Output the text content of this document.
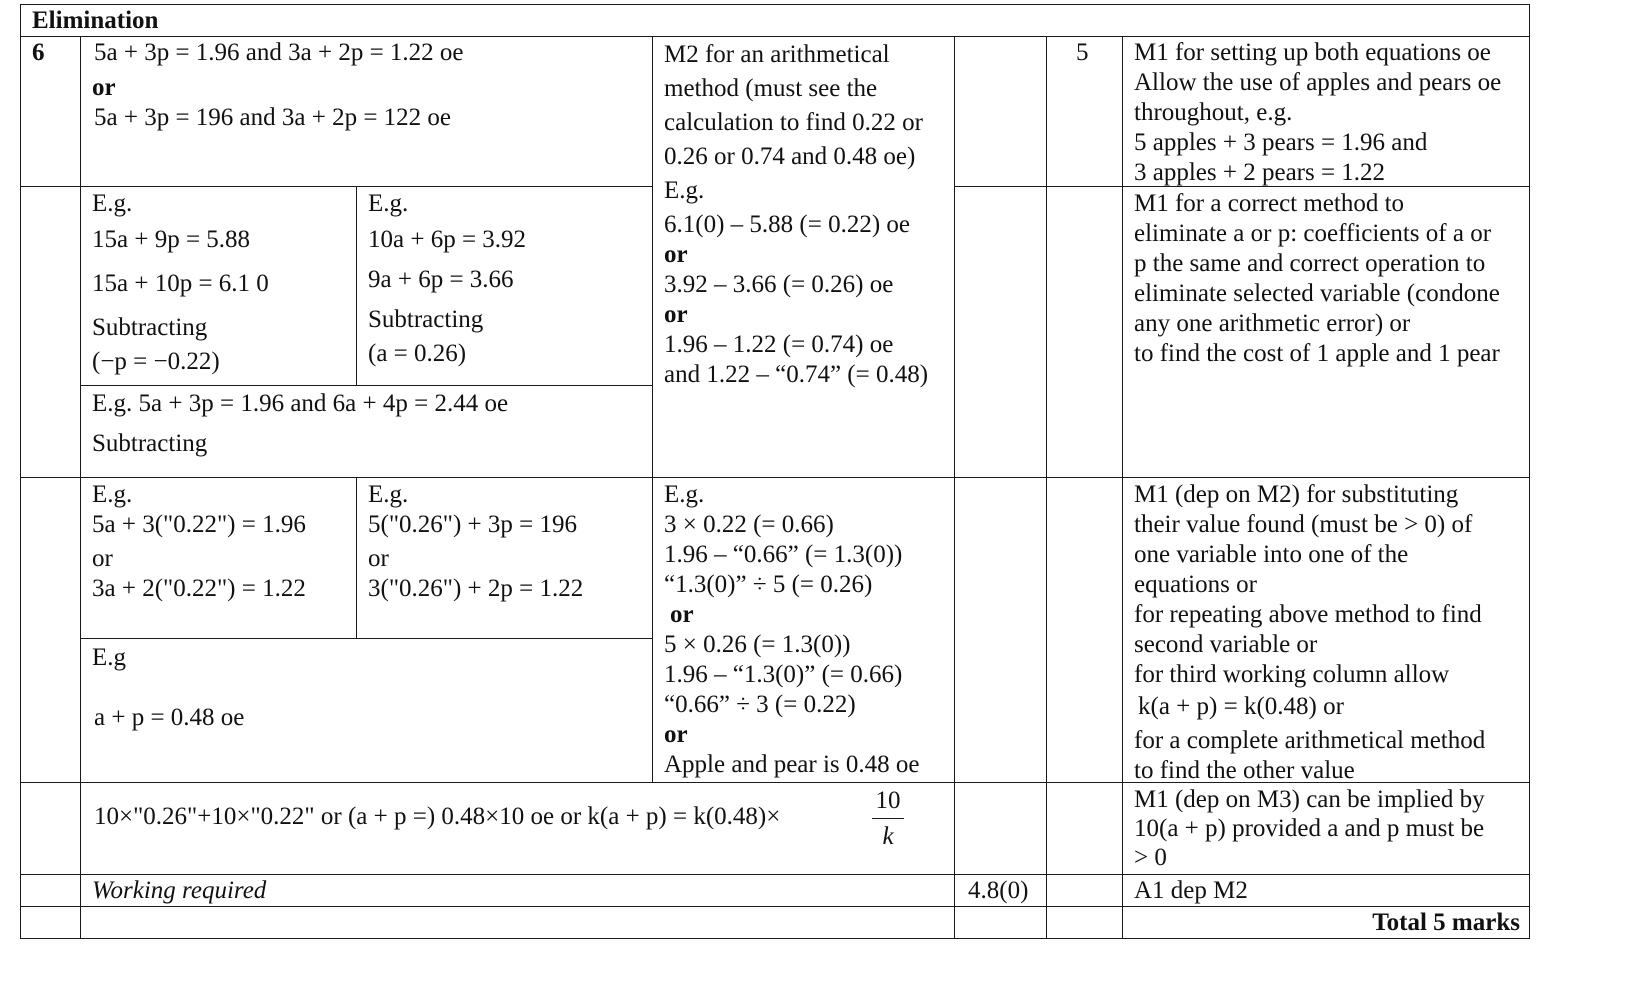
Elimination
6 5a + 3p = 1.96 and 3a + 2p = 1.22 oe
or
5a + 3p = 196 and 3a + 2p = 122 oe
5
M2 for an arithmetical
method (must see the
calculation to find 0.22 or
0.26 or 0.74 and 0.48 oe)
E.g.
6.1(0) – 5.88 (= 0.22) oe
or
3.92 – 3.66 (= 0.26) oe
or
1.96 – 1.22 (= 0.74) oe
and 1.22 – “0.74” (= 0.48)
M1 for setting up both equations oe
Allow the use of apples and pears oe
throughout, e.g.
5 apples + 3 pears = 1.96 and
3 apples + 2 pears = 1.22
E.g.
15a + 9p = 5.88
15a + 10p = 6.1 0
Subtracting
(−p = −0.22)
E.g.
10a + 6p = 3.92
9a + 6p = 3.66
Subtracting
(a = 0.26)
E.g. 5a + 3p = 1.96 and 6a + 4p = 2.44 oe
Subtracting
M1 for a correct method to
eliminate a or p: coefficients of a or
p the same and correct operation to
eliminate selected variable (condone
any one arithmetic error) or
to find the cost of 1 apple and 1 pear
E.g.
5a + 3("0.22") = 1.96
or
3a + 2("0.22") = 1.22
E.g.
5("0.26") + 3p = 196
or
3("0.26") + 2p = 1.22
E.g
a + p = 0.48 oe
E.g.
3 × 0.22 (= 0.66)
1.96 – “0.66” (= 1.3(0))
“1.3(0)” ÷ 5 (= 0.26)
or
5 × 0.26 (= 1.3(0))
1.96 – “1.3(0)” (= 0.66)
“0.66” ÷ 3 (= 0.22)
or
Apple and pear is 0.48 oe
M1 (dep on M2) for substituting
their value found (must be > 0) of
one variable into one of the
equations or
for repeating above method to find
second variable or
for third working column allow
k(a + p) = k(0.48) or
for a complete arithmetical method
to find the other value
10×"0.26"+10×"0.22" or (a + p =) 0.48×10 oe or k(a + p) = k(0.48)×
10
k
M1 (dep on M3) can be implied by
10(a + p) provided a and p must be
> 0
Working required	4.8(0)	A1 dep M2
Total 5 marks
